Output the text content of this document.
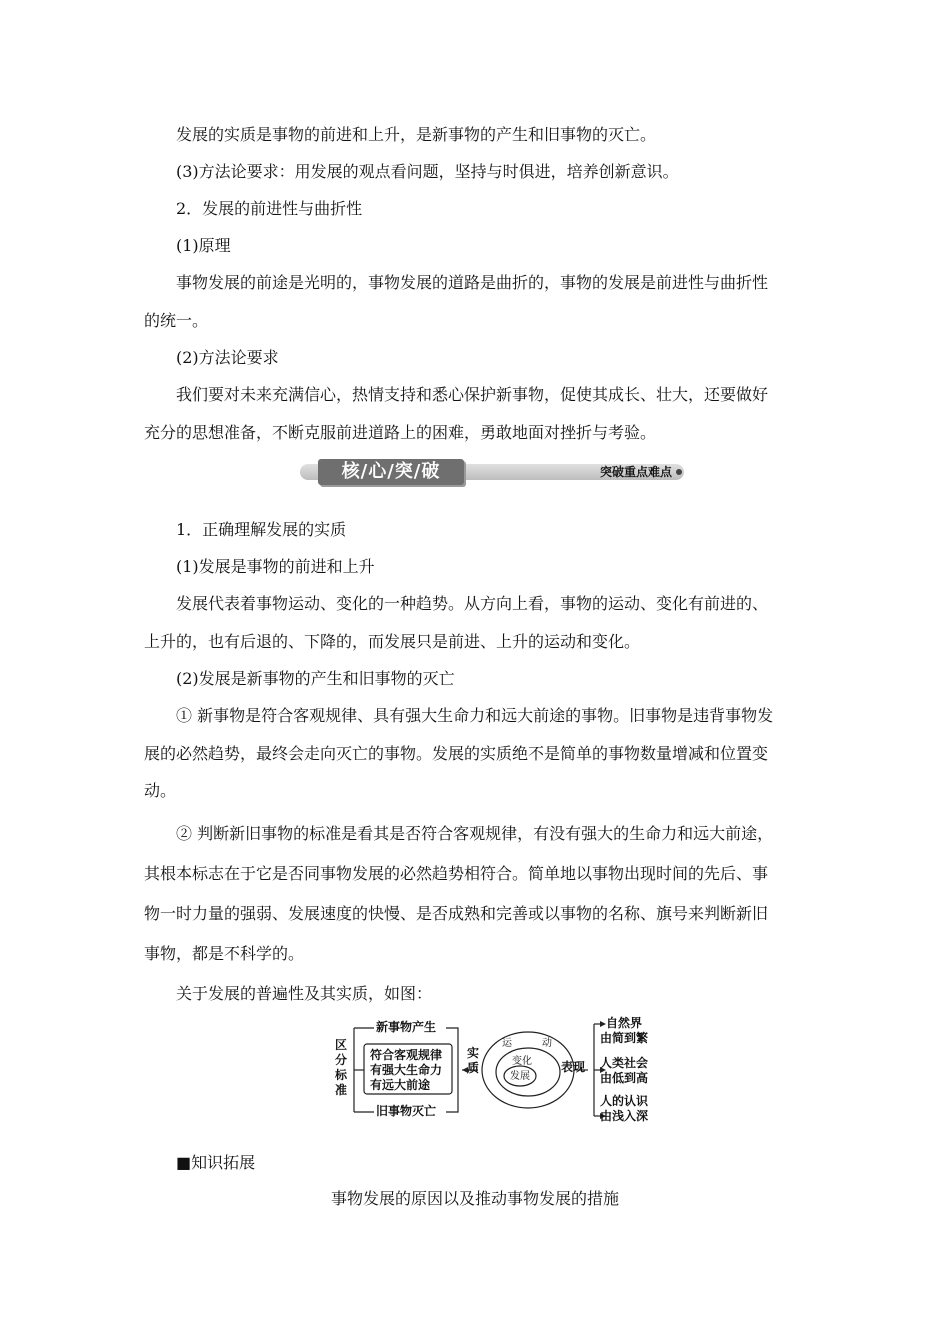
发展的实质是事物的前进和上升，是新事物的产生和旧事物的灭亡。
(3)方法论要求：用发展的观点看问题，坚持与时俱进，培养创新意识。
2．发展的前进性与曲折性
(1)原理
事物发展的前途是光明的，事物发展的道路是曲折的，事物的发展是前进性与曲折性
的统一。
(2)方法论要求
我们要对未来充满信心，热情支持和悉心保护新事物，促使其成长、壮大，还要做好
充分的思想准备，不断克服前进道路上的困难，勇敢地面对挫折与考验。
核/心/突/破	突破重点难点
1．正确理解发展的实质
(1)发展是事物的前进和上升
发展代表着事物运动、变化的一种趋势。从方向上看，事物的运动、变化有前进的、
上升的，也有后退的、下降的，而发展只是前进、上升的运动和变化。
(2)发展是新事物的产生和旧事物的灭亡
① 新事物是符合客观规律、具有强大生命力和远大前途的事物。旧事物是违背事物发
展的必然趋势，最终会走向灭亡的事物。发展的实质绝不是简单的事物数量增减和位置变
动。
② 判断新旧事物的标准是看其是否符合客观规律，有没有强大的生命力和远大前途，
其根本标志在于它是否同事物发展的必然趋势相符合。简单地以事物出现时间的先后、事
物一时力量的强弱、发展速度的快慢、是否成熟和完善或以事物的名称、旗号来判断新旧
事物，都是不科学的。
关于发展的普遍性及其实质，如图：
区分标准
新事物产生
符合客观规律
有强大生命力
有远大前途
旧事物灭亡
实质
运	动
变化
发展
表现
自然界
由简到繁
人类社会
由低到高
人的认识
由浅入深
■知识拓展
事物发展的原因以及推动事物发展的措施
